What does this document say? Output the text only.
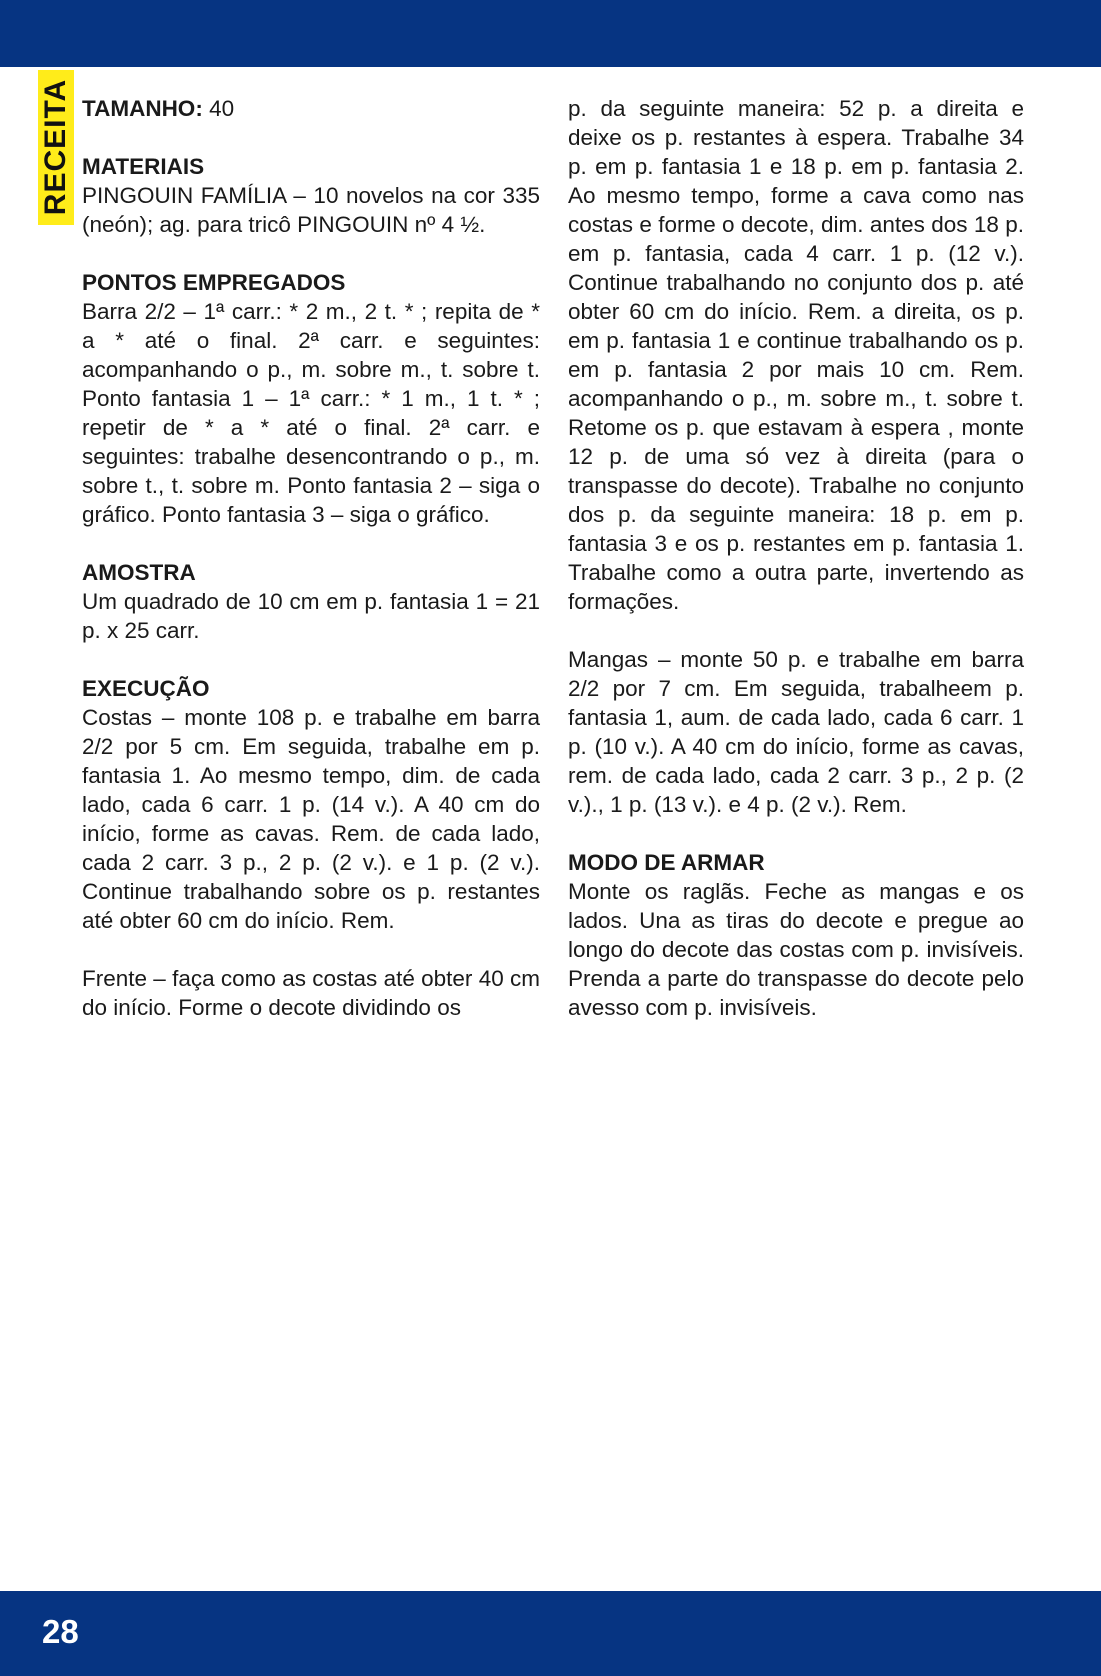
RECEITA TAMANHO: 40

MATERIAIS

PINGOUIN FAMÍLIA – 10 novelos na cor 335 (neón); ag. para tricô PINGOUIN nº 4 ½.

PONTOS EMPREGADOS

Barra 2/2 – 1ª carr.: * 2 m., 2 t. * ; repita de * a * até o final. 2ª carr. e seguintes: acompanhando o p., m. sobre m., t. sobre t. Ponto fantasia 1 – 1ª carr.: * 1 m., 1 t. * ; repetir de * a * até o final. 2ª carr. e seguintes: trabalhe desencontrando o p., m. sobre t., t. sobre m. Ponto fantasia 2 – siga o gráfico. Ponto fantasia 3 – siga o gráfico.

AMOSTRA

Um quadrado de 10 cm em p. fantasia 1 = 21 p. x 25 carr.

EXECUÇÃO

Costas – monte 108 p. e trabalhe em barra 2/2 por 5 cm. Em seguida, trabalhe em p. fantasia 1. Ao mesmo tempo, dim. de cada lado, cada 6 carr. 1 p. (14 v.). A 40 cm do início, forme as cavas. Rem. de cada lado, cada 2 carr. 3 p., 2 p. (2 v.). e 1 p. (2 v.). Continue trabalhando sobre os p. restantes até obter 60 cm do início. Rem.

Frente – faça como as costas até obter 40 cm do início. Forme o decote dividindo os

p. da seguinte maneira: 52 p. a direita e deixe os p. restantes à espera. Trabalhe 34 p. em p. fantasia 1 e 18 p. em p. fantasia 2. Ao mesmo tempo, forme a cava como nas costas e forme o decote, dim. antes dos 18 p. em p. fantasia, cada 4 carr. 1 p. (12 v.). Continue trabalhando no conjunto dos p. até obter 60 cm do início. Rem. a direita, os p. em p. fantasia 1 e continue trabalhando os p. em p. fantasia 2 por mais 10 cm. Rem. acompanhando o p., m. sobre m., t. sobre t. Retome os p. que estavam à espera , monte 12 p. de uma só vez à direita (para o transpasse do decote). Trabalhe no conjunto dos p. da seguinte maneira: 18 p. em p. fantasia 3 e os p. restantes em p. fantasia 1. Trabalhe como a outra parte, invertendo as formações.

Mangas – monte 50 p. e trabalhe em barra 2/2 por 7 cm. Em seguida, trabalheem p. fantasia 1, aum. de cada lado, cada 6 carr. 1 p. (10 v.). A 40 cm do início, forme as cavas, rem. de cada lado, cada 2 carr. 3 p., 2 p. (2 v.)., 1 p. (13 v.). e 4 p. (2 v.). Rem.

MODO DE ARMAR

Monte os raglãs. Feche as mangas e os lados. Una as tiras do decote e pregue ao longo do decote das costas com p. invisíveis. Prenda a parte do transpasse do decote pelo avesso com p. invisíveis.

28
